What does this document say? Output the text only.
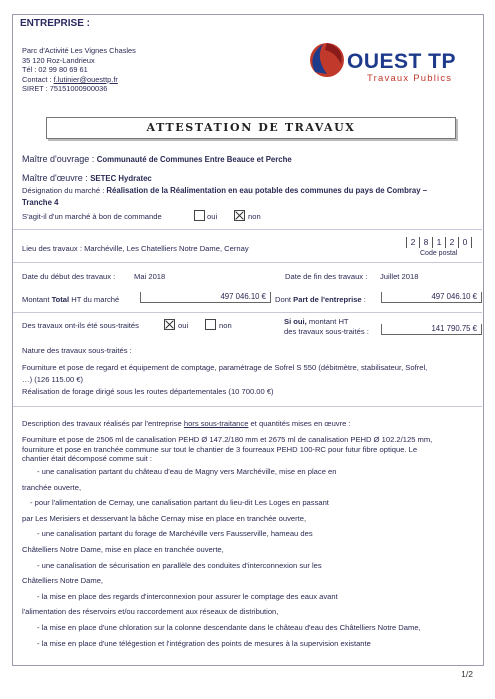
ENTREPRISE :
Parc d'Activité Les Vignes Chasles
35 120 Roz-Landrieux
Tél : 02 99 80 69 61
Contact : f.lutinier@ouesttp.fr
SIRET : 75151000900036
OUEST TP
Travaux Publics
ATTESTATION DE TRAVAUX
Maître d'ouvrage : Communauté de Communes Entre Beauce et Perche
Maître d'œuvre : SETEC Hydratec
Désignation du marché : Réalisation de la Réalimentation en eau potable des communes du pays de Combray –
Tranche 4
S'agit-il d'un marché à bon de commande	oui	non
Lieu des travaux : Marchéville, Les Chatelliers Notre Dame, Cernay
2 8 1 2 0
Code postal
Date du début des travaux : Mai 2018	Date de fin des travaux : Juillet 2018
Montant Total HT du marché	497 046.10 €	Dont Part de l'entreprise :	497 046.10 €
Des travaux ont-ils été sous-traités	oui	non	Si oui, montant HT
des travaux sous-traités :	141 790.75 €
Nature des travaux sous-traités :
Fourniture et pose de regard et équipement de comptage, paramétrage de Sofrel S 550 (débitmètre, stabilisateur, Sofrel,
…) (126 115.00 €)
Réalisation de forage dirigé sous les routes départementales (10 700.00 €)
Description des travaux réalisés par l'entreprise hors sous-traitance et quantités mises en œuvre :
Fourniture et pose de 2506 ml de canalisation PEHD Ø 147.2/180 mm et 2675 ml de canalisation PEHD Ø 102.2/125 mm,
fourniture et pose en tranchée commune sur tout le chantier de 3 fourreaux PEHD 100-RC pour futur fibre optique. Le
chantier était décomposé comme suit :
- une canalisation partant du château d'eau de Magny vers Marchéville, mise en place en
tranchée ouverte,
- pour l'alimentation de Cernay, une canalisation partant du lieu-dit Les Loges en passant
par Les Merisiers et desservant la bâche Cernay mise en place en tranchée ouverte,
- une canalisation partant du forage de Marchéville vers Fausserville, hameau des
Châtelliers Notre Dame, mise en place en tranchée ouverte,
- une canalisation de sécurisation en parallèle des conduites d'interconnexion sur les
Châtelliers Notre Dame,
- la mise en place des regards d'interconnexion pour assurer le comptage des eaux avant
l'alimentation des réservoirs et/ou raccordement aux réseaux de distribution,
- la mise en place d'une chloration sur la colonne descendante dans le château d'eau des Châtelliers Notre Dame,
- la mise en place d'une télégestion et l'intégration des points de mesures à la supervision existante
1/2
